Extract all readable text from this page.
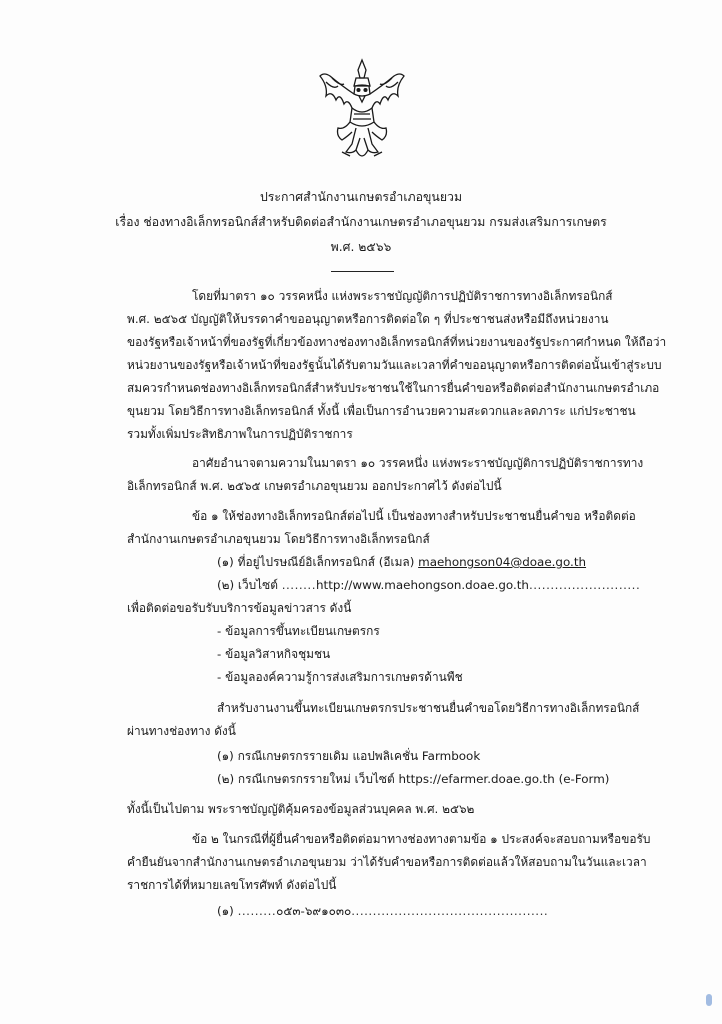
ประกาศสำนักงานเกษตรอำเภอขุนยวม
เรื่อง ช่องทางอิเล็กทรอนิกส์สำหรับติดต่อสำนักงานเกษตรอำเภอขุนยวม กรมส่งเสริมการเกษตร
พ.ศ. ๒๕๖๖
โดยที่มาตรา ๑๐ วรรคหนึ่ง แห่งพระราชบัญญัติการปฏิบัติราชการทางอิเล็กทรอนิกส์
พ.ศ. ๒๕๖๕ บัญญัติให้บรรดาคำขออนุญาตหรือการติดต่อใด ๆ ที่ประชาชนส่งหรือมีถึงหน่วยงาน
ของรัฐหรือเจ้าหน้าที่ของรัฐที่เกี่ยวข้องทางช่องทางอิเล็กทรอนิกส์ที่หน่วยงานของรัฐประกาศกำหนด ให้ถือว่า
หน่วยงานของรัฐหรือเจ้าหน้าที่ของรัฐนั้นได้รับตามวันและเวลาที่คำขออนุญาตหรือการติดต่อนั้นเข้าสู่ระบบ
สมควรกำหนดช่องทางอิเล็กทรอนิกส์สำหรับประชาชนใช้ในการยื่นคำขอหรือติดต่อสำนักงานเกษตรอำเภอ
ขุนยวม โดยวิธีการทางอิเล็กทรอนิกส์ ทั้งนี้ เพื่อเป็นการอำนวยความสะดวกและลดภาระ แก่ประชาชน
รวมทั้งเพิ่มประสิทธิภาพในการปฏิบัติราชการ
อาศัยอำนาจตามความในมาตรา ๑๐ วรรคหนึ่ง แห่งพระราชบัญญัติการปฏิบัติราชการทาง
อิเล็กทรอนิกส์ พ.ศ. ๒๕๖๕ เกษตรอำเภอขุนยวม ออกประกาศไว้ ดังต่อไปนี้
ข้อ ๑ ให้ช่องทางอิเล็กทรอนิกส์ต่อไปนี้ เป็นช่องทางสำหรับประชาชนยื่นคำขอ หรือติดต่อ
สำนักงานเกษตรอำเภอขุนยวม โดยวิธีการทางอิเล็กทรอนิกส์
(๑) ที่อยู่ไปรษณีย์อิเล็กทรอนิกส์ (อีเมล) maehongson04@doae.go.th
(๒) เว็บไซต์ ........http://www.maehongson.doae.go.th..........................
เพื่อติดต่อขอรับรับบริการข้อมูลข่าวสาร ดังนี้
- ข้อมูลการขึ้นทะเบียนเกษตรกร
- ข้อมูลวิสาหกิจชุมชน
- ข้อมูลองค์ความรู้การส่งเสริมการเกษตรด้านพืช
สำหรับงานงานขึ้นทะเบียนเกษตรกรประชาชนยื่นคำขอโดยวิธีการทางอิเล็กทรอนิกส์
ผ่านทางช่องทาง ดังนี้
(๑) กรณีเกษตรกรรายเดิม แอปพลิเคชั่น Farmbook
(๒) กรณีเกษตรกรรายใหม่ เว็บไซต์ https://efarmer.doae.go.th (e-Form)
ทั้งนี้เป็นไปตาม พระราชบัญญัติคุ้มครองข้อมูลส่วนบุคคล พ.ศ. ๒๕๖๒
ข้อ ๒ ในกรณีที่ผู้ยื่นคำขอหรือติดต่อมาทางช่องทางตามข้อ ๑ ประสงค์จะสอบถามหรือขอรับ
คำยืนยันจากสำนักงานเกษตรอำเภอขุนยวม ว่าได้รับคำขอหรือการติดต่อแล้วให้สอบถามในวันและเวลา
ราชการได้ที่หมายเลขโทรศัพท์ ดังต่อไปนี้
(๑) .........๐๕๓-๖๙๑๐๓๐..............................................
